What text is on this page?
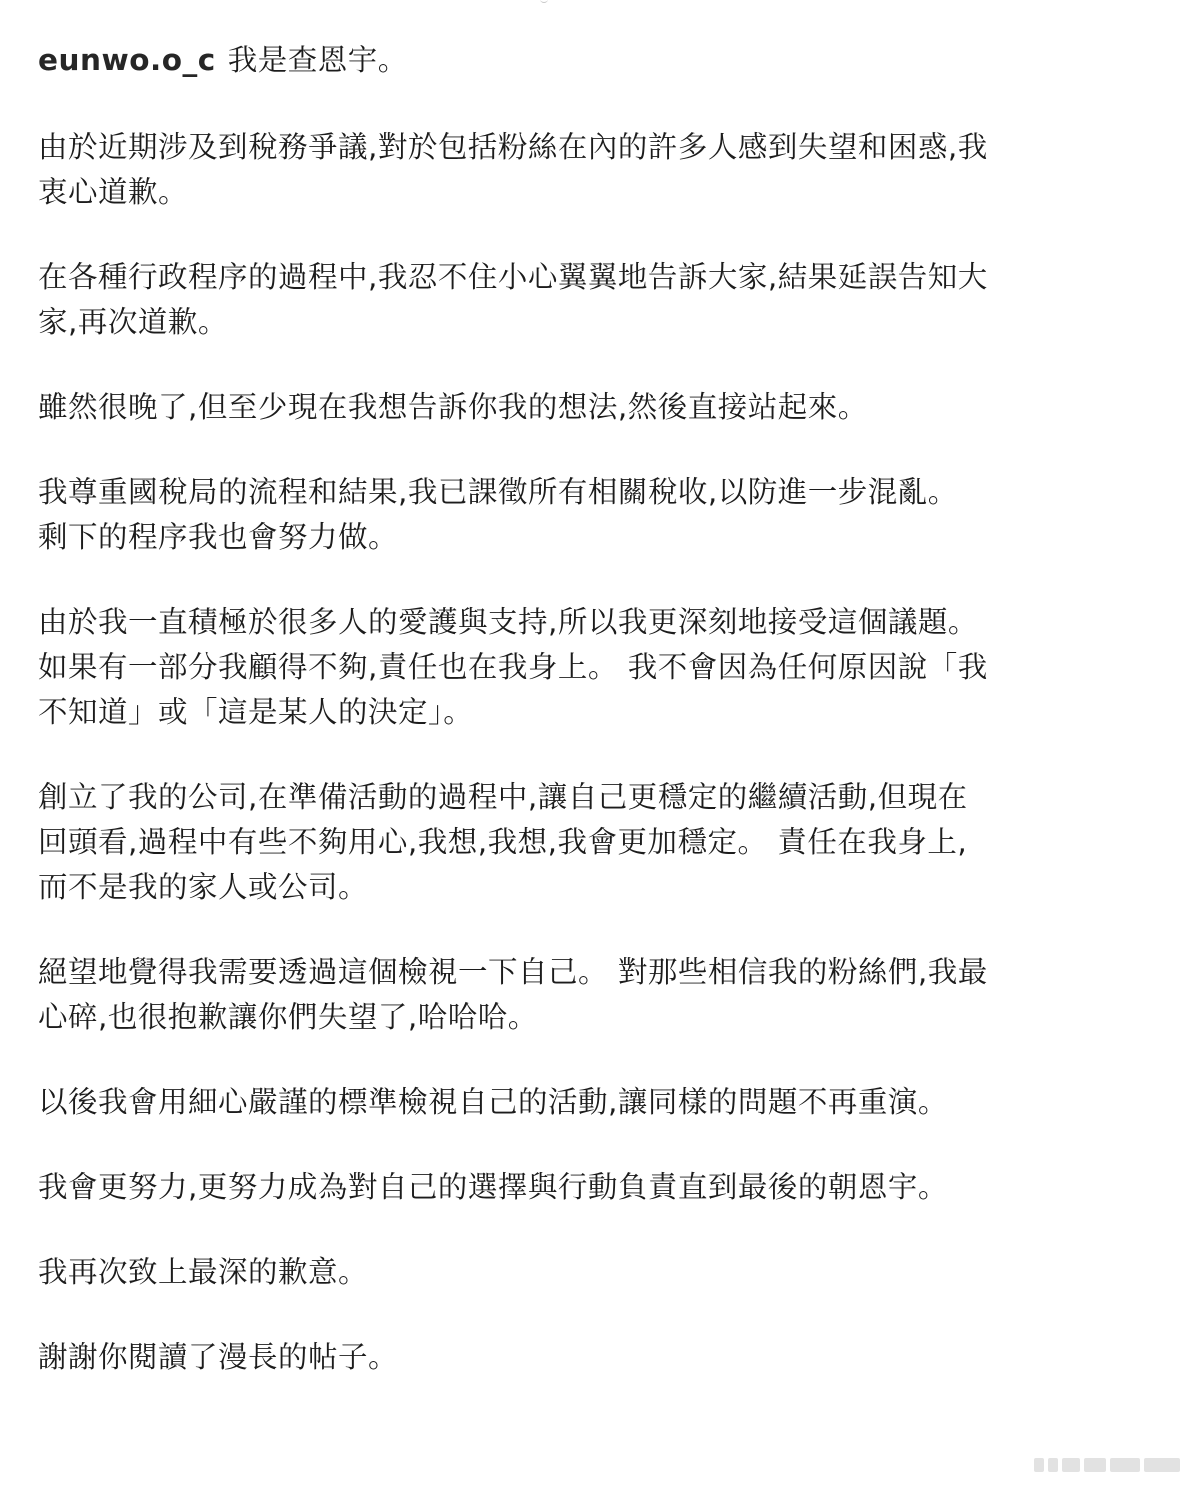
eunwo.o_c 我是查恩宇。

由於近期涉及到稅務爭議,對於包括粉絲在內的許多人感到失望和困惑,我
衷心道歉。

在各種行政程序的過程中,我忍不住小心翼翼地告訴大家,結果延誤告知大
家,再次道歉。

雖然很晚了,但至少現在我想告訴你我的想法,然後直接站起來。

我尊重國稅局的流程和結果,我已課徵所有相關稅收,以防進一步混亂。
剩下的程序我也會努力做。

由於我一直積極於很多人的愛護與支持,所以我更深刻地接受這個議題。
如果有一部分我顧得不夠,責任也在我身上。 我不會因為任何原因說「我
不知道」或「這是某人的決定」。

創立了我的公司,在準備活動的過程中,讓自己更穩定的繼續活動,但現在
回頭看,過程中有些不夠用心,我想,我想,我會更加穩定。 責任在我身上,
而不是我的家人或公司。

絕望地覺得我需要透過這個檢視一下自己。 對那些相信我的粉絲們,我最
心碎,也很抱歉讓你們失望了,哈哈哈。

以後我會用細心嚴謹的標準檢視自己的活動,讓同樣的問題不再重演。

我會更努力,更努力成為對自己的選擇與行動負責直到最後的朝恩宇。

我再次致上最深的歉意。

謝謝你閱讀了漫長的帖子。
